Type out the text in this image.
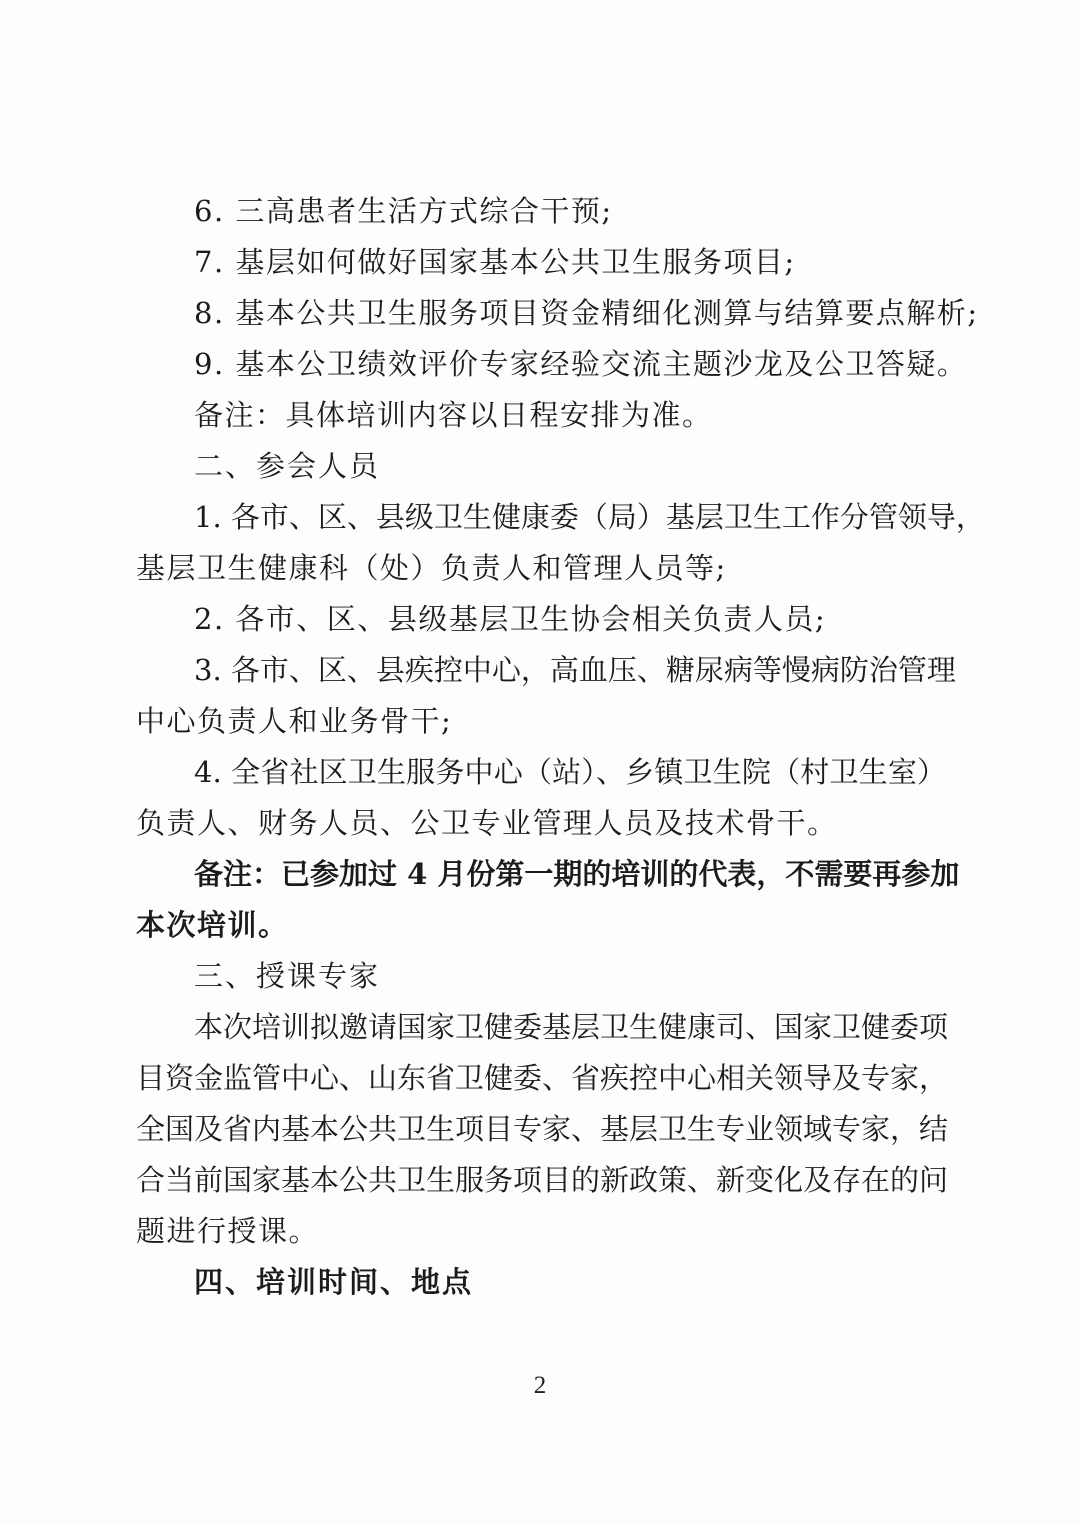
6. 三高患者生活方式综合干预;
7. 基层如何做好国家基本公共卫生服务项目;
8. 基本公共卫生服务项目资金精细化测算与结算要点解析;
9. 基本公卫绩效评价专家经验交流主题沙龙及公卫答疑。
备注：具体培训内容以日程安排为准。
二、参会人员
1. 各市、区、县级卫生健康委（局）基层卫生工作分管领导，
基层卫生健康科（处）负责人和管理人员等;
2. 各市、区、县级基层卫生协会相关负责人员;
3. 各市、区、县疾控中心，高血压、糖尿病等慢病防治管理
中心负责人和业务骨干;
4. 全省社区卫生服务中心（站）、乡镇卫生院（村卫生室）
负责人、财务人员、公卫专业管理人员及技术骨干。
备注：已参加过 4 月份第一期的培训的代表，不需要再参加
本次培训。
三、授课专家
本次培训拟邀请国家卫健委基层卫生健康司、国家卫健委项
目资金监管中心、山东省卫健委、省疾控中心相关领导及专家，
全国及省内基本公共卫生项目专家、基层卫生专业领域专家，结
合当前国家基本公共卫生服务项目的新政策、新变化及存在的问
题进行授课。
四、培训时间、地点
2
